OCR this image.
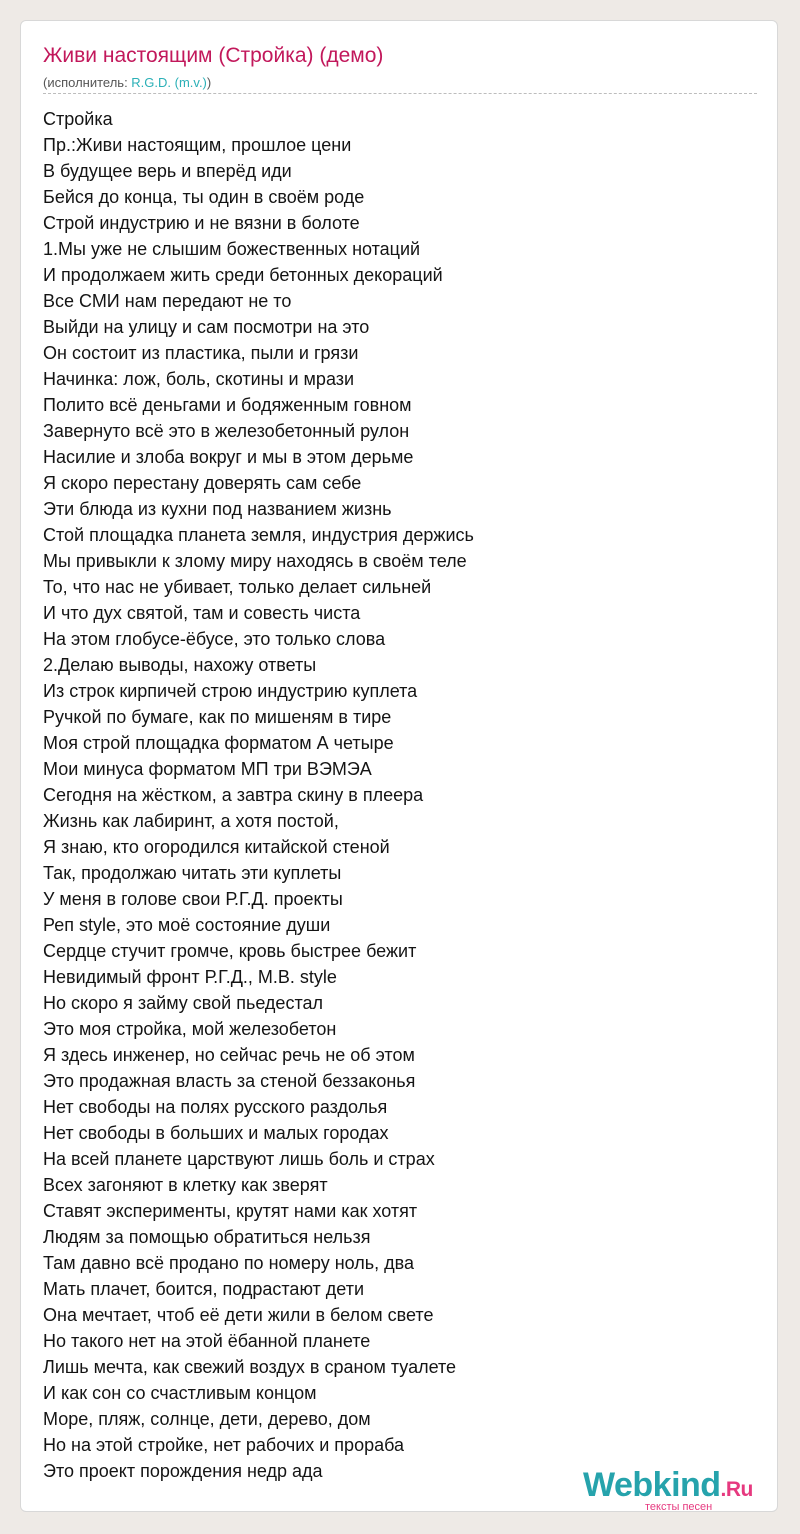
Живи настоящим (Стройка) (демо)
(исполнитель: R.G.D. (m.v.))
Стройка
Пр.:Живи настоящим, прошлое цени
В будущее верь и вперёд иди
Бейся до конца, ты один в своём роде
Строй индустрию и не вязни в болоте
1.Мы уже не слышим божественных нотаций
И продолжаем жить среди бетонных декораций
Все СМИ нам передают не то
Выйди на улицу и сам посмотри на это
Он состоит из пластика, пыли и грязи
Начинка: лож, боль, скотины и мрази
Полито всё деньгами и бодяженным говном
Завернуто всё это в железобетонный рулон
Насилие и злоба вокруг и мы в этом дерьме
Я скоро перестану доверять сам себе
Эти блюда из кухни под названием жизнь
Стой площадка планета земля, индустрия держись
Мы привыкли к злому миру находясь в своём теле
То, что нас не убивает, только делает сильней
И что дух святой, там и совесть чиста
На этом глобусе-ёбусе, это только слова
2.Делаю выводы, нахожу ответы
Из строк кирпичей строю индустрию куплета
Ручкой по бумаге, как по мишеням в тире
Моя строй площадка форматом А четыре
Мои минуса форматом МП три ВЭМЭА
Сегодня на жёстком, а завтра скину в плеера
Жизнь как лабиринт, а хотя постой,
Я знаю, кто огородился китайской стеной
Так, продолжаю читать эти куплеты
У меня в голове свои Р.Г.Д. проекты
Реп style, это моё состояние души
Сердце стучит громче, кровь быстрее бежит
Невидимый фронт Р.Г.Д., М.В. style
Но скоро я займу свой пьедестал
Это моя стройка, мой железобетон
Я здесь инженер, но сейчас речь не об этом
Это продажная власть за стеной беззаконья
Нет свободы на полях русского раздолья
Нет свободы в больших и малых городах
На всей планете царствуют лишь боль и страх
Всех загоняют в клетку как зверят
Ставят эксперименты, крутят нами как хотят
Людям за помощью обратиться нельзя
Там давно всё продано по номеру ноль, два
Мать плачет, боится, подрастают дети
Она мечтает, чтоб её дети жили в белом свете
Но такого нет на этой ёбанной планете
Лишь мечта, как свежий воздух в сраном туалете
И как сон со счастливым концом
Море, пляж, солнце, дети, дерево, дом
Но на этой стройке, нет рабочих и прораба
Это проект порождения недр ада	Webkind.Ru
тексты песен
